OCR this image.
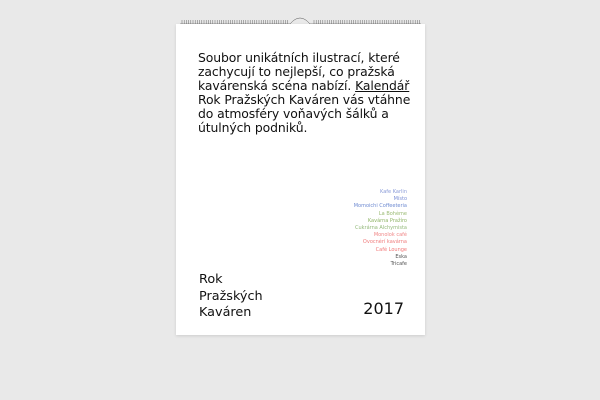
Soubor unikátních ilustrací, které zachycují to nejlepší, co pražská kavárenská scéna nabízí. Kalendář Rok Pražských Kaváren vás vtáhne do atmosféry voňavých šálků a útulných podniků.

Kafe Karlin
Místo
Momoichi Coffeeteria
La Bohème
Kavárna Pražíro
Cukrárna Alchymista
Monolok café
Ovocnérí kavárna
Café Lounge
Eska
Tricafe
Rok
Pražských
Kaváren	2017
